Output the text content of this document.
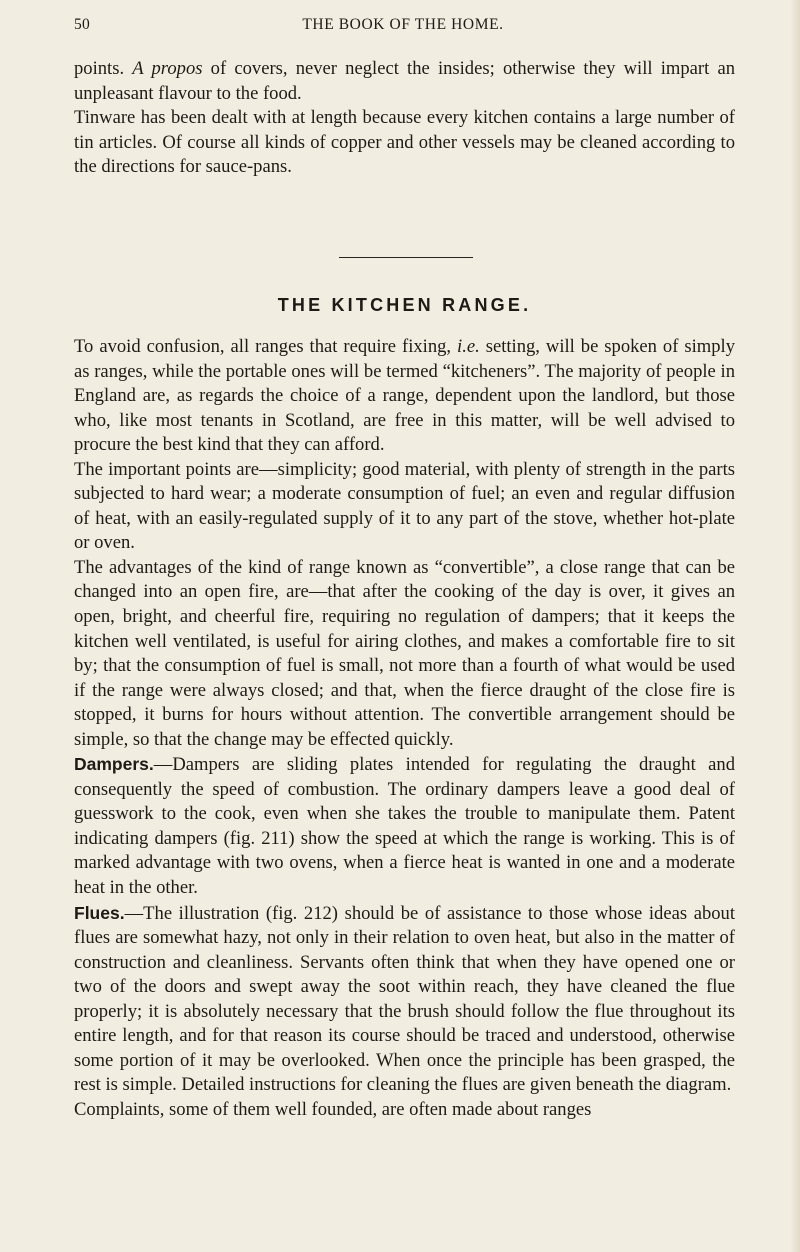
50	THE BOOK OF THE HOME.

points. A propos of covers, never neglect the insides; otherwise they will impart an unpleasant flavour to the food.

Tinware has been dealt with at length because every kitchen contains a large number of tin articles. Of course all kinds of copper and other vessels may be cleaned according to the directions for sauce-pans.

THE KITCHEN RANGE.

To avoid confusion, all ranges that require fixing, i.e. setting, will be spoken of simply as ranges, while the portable ones will be termed “kitcheners”. The majority of people in England are, as regards the choice of a range, dependent upon the landlord, but those who, like most tenants in Scotland, are free in this matter, will be well advised to procure the best kind that they can afford.

The important points are—simplicity; good material, with plenty of strength in the parts subjected to hard wear; a moderate consumption of fuel; an even and regular diffusion of heat, with an easily-regulated supply of it to any part of the stove, whether hot-plate or oven.

The advantages of the kind of range known as “convertible”, a close range that can be changed into an open fire, are—that after the cooking of the day is over, it gives an open, bright, and cheerful fire, requiring no regulation of dampers; that it keeps the kitchen well ventilated, is useful for airing clothes, and makes a comfortable fire to sit by; that the consumption of fuel is small, not more than a fourth of what would be used if the range were always closed; and that, when the fierce draught of the close fire is stopped, it burns for hours without attention. The convertible arrangement should be simple, so that the change may be effected quickly.

Dampers.—Dampers are sliding plates intended for regulating the draught and consequently the speed of combustion. The ordinary dampers leave a good deal of guesswork to the cook, even when she takes the trouble to manipulate them. Patent indicating dampers (fig. 211) show the speed at which the range is working. This is of marked advantage with two ovens, when a fierce heat is wanted in one and a moderate heat in the other.

Flues.—The illustration (fig. 212) should be of assistance to those whose ideas about flues are somewhat hazy, not only in their relation to oven heat, but also in the matter of construction and cleanliness. Servants often think that when they have opened one or two of the doors and swept away the soot within reach, they have cleaned the flue properly; it is absolutely necessary that the brush should follow the flue throughout its entire length, and for that reason its course should be traced and understood, otherwise some portion of it may be overlooked. When once the principle has been grasped, the rest is simple. Detailed instructions for cleaning the flues are given beneath the diagram.

Complaints, some of them well founded, are often made about ranges
